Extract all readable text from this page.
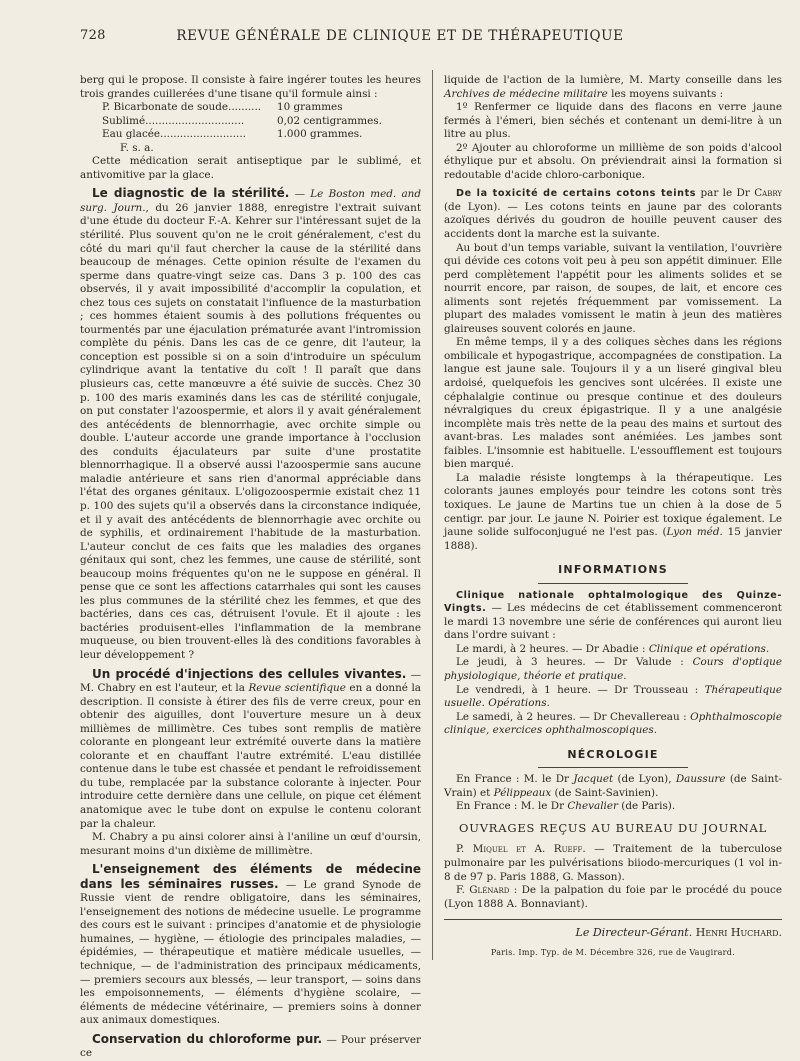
728	REVUE GÉNÉRALE DE CLINIQUE ET DE THÉRAPEUTIQUE

berg qui le propose. Il consiste à faire ingérer toutes les heures trois grandes cuillerées d'une tisane qu'il formule ainsi :

P. Bicarbonate de soude..........	10 grammes
Sublimé..............................	0,02 centigrammes.
Eau glacée..........................	1.000 grammes.
F. s. a.

Cette médication serait antiseptique par le sublimé, et antivomitive par la glace.

Le diagnostic de la stérilité. — Le Boston med. and surg. Journ., du 26 janvier 1888, enregistre l'extrait suivant d'une étude du docteur F.-A. Kehrer sur l'intéressant sujet de la stérilité. Plus souvent qu'on ne le croit généralement, c'est du côté du mari qu'il faut chercher la cause de la stérilité dans beaucoup de ménages. Cette opinion résulte de l'examen du sperme dans quatre-vingt seize cas. Dans 3 p. 100 des cas observés, il y avait impossibilité d'accomplir la copulation, et chez tous ces sujets on constatait l'influence de la masturbation ; ces hommes étaient soumis à des pollutions fréquentes ou tourmentés par une éjaculation prématurée avant l'intromission complète du pénis. Dans les cas de ce genre, dit l'auteur, la conception est possible si on a soin d'introduire un spéculum cylindrique avant la tentative du coït ! Il paraît que dans plusieurs cas, cette manœuvre a été suivie de succès. Chez 30 p. 100 des maris examinés dans les cas de stérilité conjugale, on put constater l'azoospermie, et alors il y avait généralement des antécédents de blennorrhagie, avec orchite simple ou double. L'auteur accorde une grande importance à l'occlusion des conduits éjaculateurs par suite d'une prostatite blennorrhagique. Il a observé aussi l'azoospermie sans aucune maladie antérieure et sans rien d'anormal appréciable dans l'état des organes génitaux. L'oligozoospermie existait chez 11 p. 100 des sujets qu'il a observés dans la circonstance indiquée, et il y avait des antécédents de blennorrhagie avec orchite ou de syphilis, et ordinairement l'habitude de la masturbation. L'auteur conclut de ces faits que les maladies des organes génitaux qui sont, chez les femmes, une cause de stérilité, sont beaucoup moins fréquentes qu'on ne le suppose en général. Il pense que ce sont les affections catarrhales qui sont les causes les plus communes de la stérilité chez les femmes, et que des bactéries, dans ces cas, détruisent l'ovule. Et il ajoute : les bactéries produisent-elles l'inflammation de la membrane muqueuse, ou bien trouvent-elles là des conditions favorables à leur développement ?

Un procédé d'injections des cellules vivantes. — M. Chabry en est l'auteur, et la Revue scientifique en a donné la description. Il consiste à étirer des fils de verre creux, pour en obtenir des aiguilles, dont l'ouverture mesure un à deux millièmes de millimètre. Ces tubes sont remplis de matière colorante en plongeant leur extrémité ouverte dans la matière colorante et en chauffant l'autre extrémité. L'eau distillée contenue dans le tube est chassée et pendant le refroidissement du tube, remplacée par la substance colorante à injecter. Pour introduire cette dernière dans une cellule, on pique cet élément anatomique avec le tube dont on expulse le contenu colorant par la chaleur.

M. Chabry a pu ainsi colorer ainsi à l'aniline un œuf d'oursin, mesurant moins d'un dixième de millimètre.

L'enseignement des éléments de médecine dans les séminaires russes. — Le grand Synode de Russie vient de rendre obligatoire, dans les séminaires, l'enseignement des notions de médecine usuelle. Le programme des cours est le suivant : principes d'anatomie et de physiologie humaines, — hygiène, — étiologie des principales maladies, — épidémies, — thérapeutique et matière médicale usuelles, — technique, — de l'administration des principaux médicaments, — premiers secours aux blessés, — leur transport, — soins dans les empoisonnements, — éléments d'hygiène scolaire, — éléments de médecine vétérinaire, — premiers soins à donner aux animaux domestiques.

Conservation du chloroforme pur. — Pour préserver ce

liquide de l'action de la lumière, M. Marty conseille dans les Archives de médecine militaire les moyens suivants :

1º Renfermer ce liquide dans des flacons en verre jaune fermés à l'émeri, bien séchés et contenant un demi-litre à un litre au plus.

2º Ajouter au chloroforme un millième de son poids d'alcool éthylique pur et absolu. On préviendrait ainsi la formation si redoutable d'acide chloro-carbonique.

De la toxicité de certains cotons teints par le Dr Cabry (de Lyon). — Les cotons teints en jaune par des colorants azoïques dérivés du goudron de houille peuvent causer des accidents dont la marche est la suivante.

Au bout d'un temps variable, suivant la ventilation, l'ouvrière qui dévide ces cotons voit peu à peu son appétit diminuer. Elle perd complètement l'appétit pour les aliments solides et se nourrit encore, par raison, de soupes, de lait, et encore ces aliments sont rejetés fréquemment par vomissement. La plupart des malades vomissent le matin à jeun des matières glaireuses souvent colorés en jaune.

En même temps, il y a des coliques sèches dans les régions ombilicale et hypogastrique, accompagnées de constipation. La langue est jaune sale. Toujours il y a un liseré gingival bleu ardoisé, quelquefois les gencives sont ulcérées. Il existe une céphalalgie continue ou presque continue et des douleurs névralgiques du creux épigastrique. Il y a une analgésie incomplète mais très nette de la peau des mains et surtout des avant-bras. Les malades sont anémiées. Les jambes sont faibles. L'insomnie est habituelle. L'essoufflement est toujours bien marqué.

La maladie résiste longtemps à la thérapeutique. Les colorants jaunes employés pour teindre les cotons sont très toxiques. Le jaune de Martins tue un chien à la dose de 5 centigr. par jour. Le jaune N. Poirier est toxique également. Le jaune solide sulfoconjugué ne l'est pas. (Lyon méd. 15 janvier 1888).

INFORMATIONS

Clinique nationale ophtalmologique des Quinze-Vingts. — Les médecins de cet établissement commenceront le mardi 13 novembre une série de conférences qui auront lieu dans l'ordre suivant :

Le mardi, à 2 heures. — Dr Abadie : Clinique et opérations.

Le jeudi, à 3 heures. — Dr Valude : Cours d'optique physiologique, théorie et pratique.

Le vendredi, à 1 heure. — Dr Trousseau : Thérapeutique usuelle. Opérations.

Le samedi, à 2 heures. — Dr Chevallereau : Ophthalmoscopie clinique, exercices ophthalmoscopiques.

NÉCROLOGIE

En France : M. le Dr Jacquet (de Lyon), Daussure (de Saint-Vrain) et Pélippeaux (de Saint-Savinien).

En France : M. le Dr Chevalier (de Paris).

OUVRAGES REÇUS AU BUREAU DU JOURNAL

P. Miquel et A. Rueff. — Traitement de la tuberculose pulmonaire par les pulvérisations biiodo-mercuriques (1 vol in-8 de 97 p. Paris 1888, G. Masson).

F. Glénard : De la palpation du foie par le procédé du pouce (Lyon 1888 A. Bonnaviant).

Le Directeur-Gérant. Henri Huchard.
Paris. Imp. Typ. de M. Décembre 326, rue de Vaugirard.
